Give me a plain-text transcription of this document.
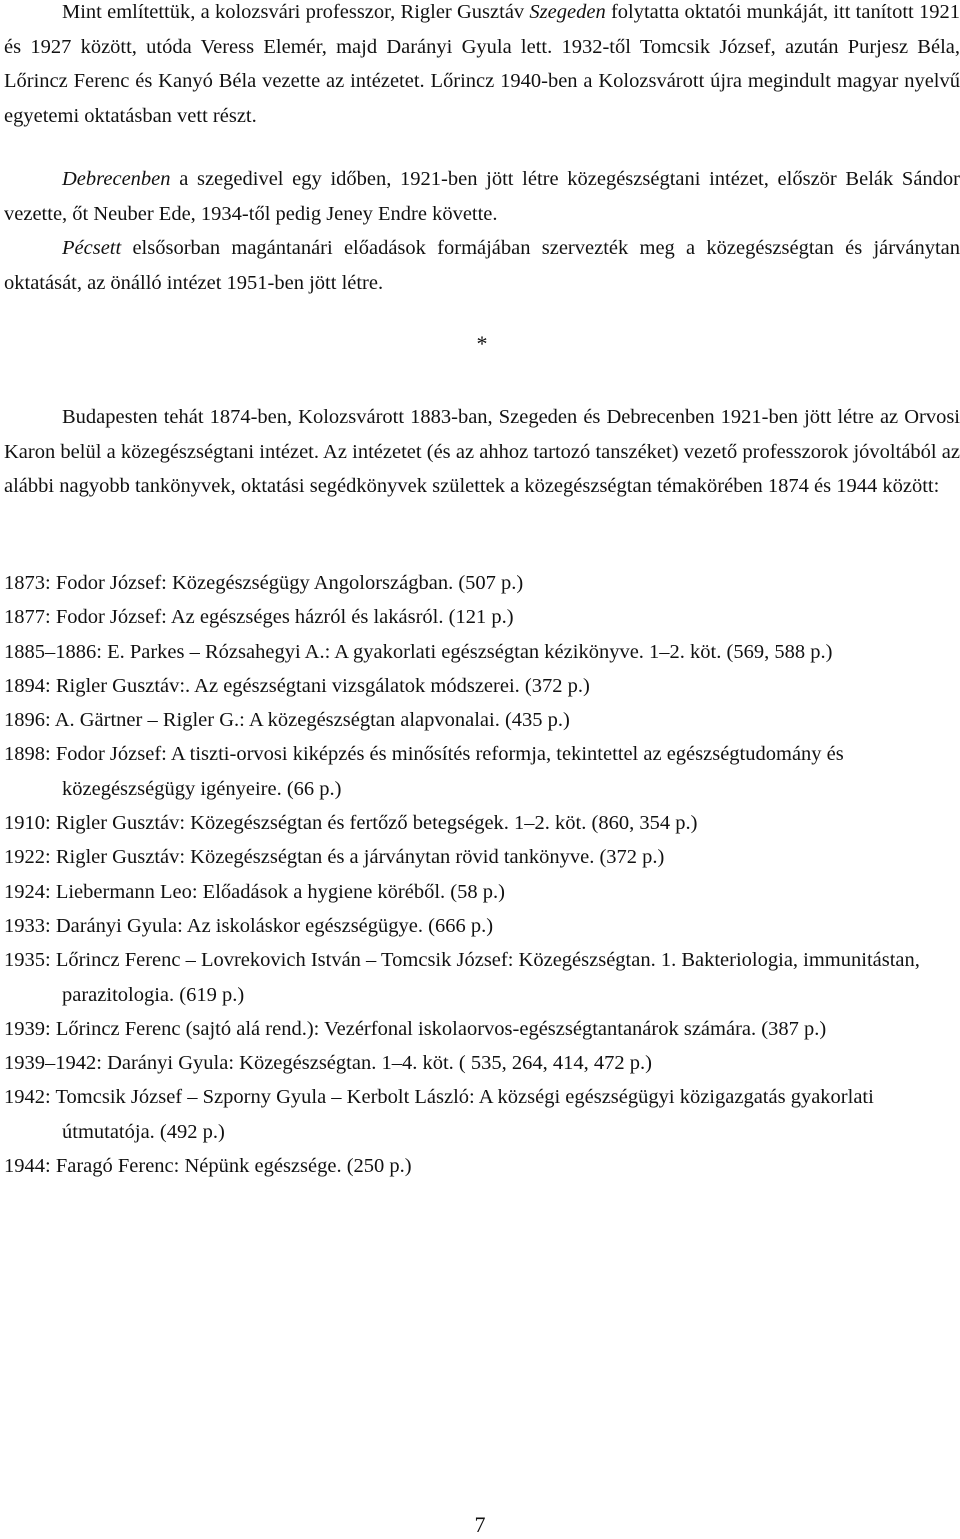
Mint említettük, a kolozsvári professzor, Rigler Gusztáv Szegeden folytatta oktatói munkáját, itt tanított 1921 és 1927 között, utóda Veress Elemér, majd Darányi Gyula lett. 1932-től Tomcsik József, azután Purjesz Béla, Lőrincz Ferenc és Kanyó Béla vezette az intézetet. Lőrincz 1940-ben a Kolozsvárott újra megindult magyar nyelvű egyetemi oktatásban vett részt.

Debrecenben a szegedivel egy időben, 1921-ben jött létre közegészségtani intézet, először Belák Sándor vezette, őt Neuber Ede, 1934-től pedig Jeney Endre követte.

Pécsett elsősorban magántanári előadások formájában szervezték meg a közegészségtan és járványtan oktatását, az önálló intézet 1951-ben jött létre.

*

Budapesten tehát 1874-ben, Kolozsvárott 1883-ban, Szegeden és Debrecenben 1921-ben jött létre az Orvosi Karon belül a közegészségtani intézet. Az intézetet (és az ahhoz tartozó tanszéket) vezető professzorok jóvoltából az alábbi nagyobb tankönyvek, oktatási segédkönyvek születtek a közegészségtan témakörében 1874 és 1944 között:

1873: Fodor József: Közegészségügy Angolországban. (507 p.)
1877: Fodor József: Az egészséges házról és lakásról. (121 p.)
1885–1886: E. Parkes – Rózsahegyi A.: A gyakorlati egészségtan kézikönyve. 1–2. köt. (569, 588 p.)
1894: Rigler Gusztáv:. Az egészségtani vizsgálatok módszerei. (372 p.)
1896: A. Gärtner – Rigler G.: A közegészségtan alapvonalai. (435 p.)
1898: Fodor József: A tiszti-orvosi kiképzés és minősítés reformja, tekintettel az egészségtudomány és közegészségügy igényeire. (66 p.)
1910: Rigler Gusztáv: Közegészségtan és fertőző betegségek. 1–2. köt. (860, 354 p.)
1922: Rigler Gusztáv: Közegészségtan és a járványtan rövid tankönyve. (372 p.)
1924: Liebermann Leo: Előadások a hygiene köréből. (58 p.)
1933: Darányi Gyula: Az iskoláskor egészségügye. (666 p.)
1935: Lőrincz Ferenc – Lovrekovich István – Tomcsik József: Közegészségtan. 1. Bakteriologia, immunitástan, parazitologia. (619 p.)
1939: Lőrincz Ferenc (sajtó alá rend.): Vezérfonal iskolaorvos-egészségtantanárok számára. (387 p.)
1939–1942: Darányi Gyula: Közegészségtan. 1–4. köt. ( 535, 264, 414, 472 p.)
1942: Tomcsik József – Szporny Gyula – Kerbolt László: A községi egészségügyi közigazgatás gyakorlati útmutatója. (492 p.)
1944: Faragó Ferenc: Népünk egészsége. (250 p.)
7
